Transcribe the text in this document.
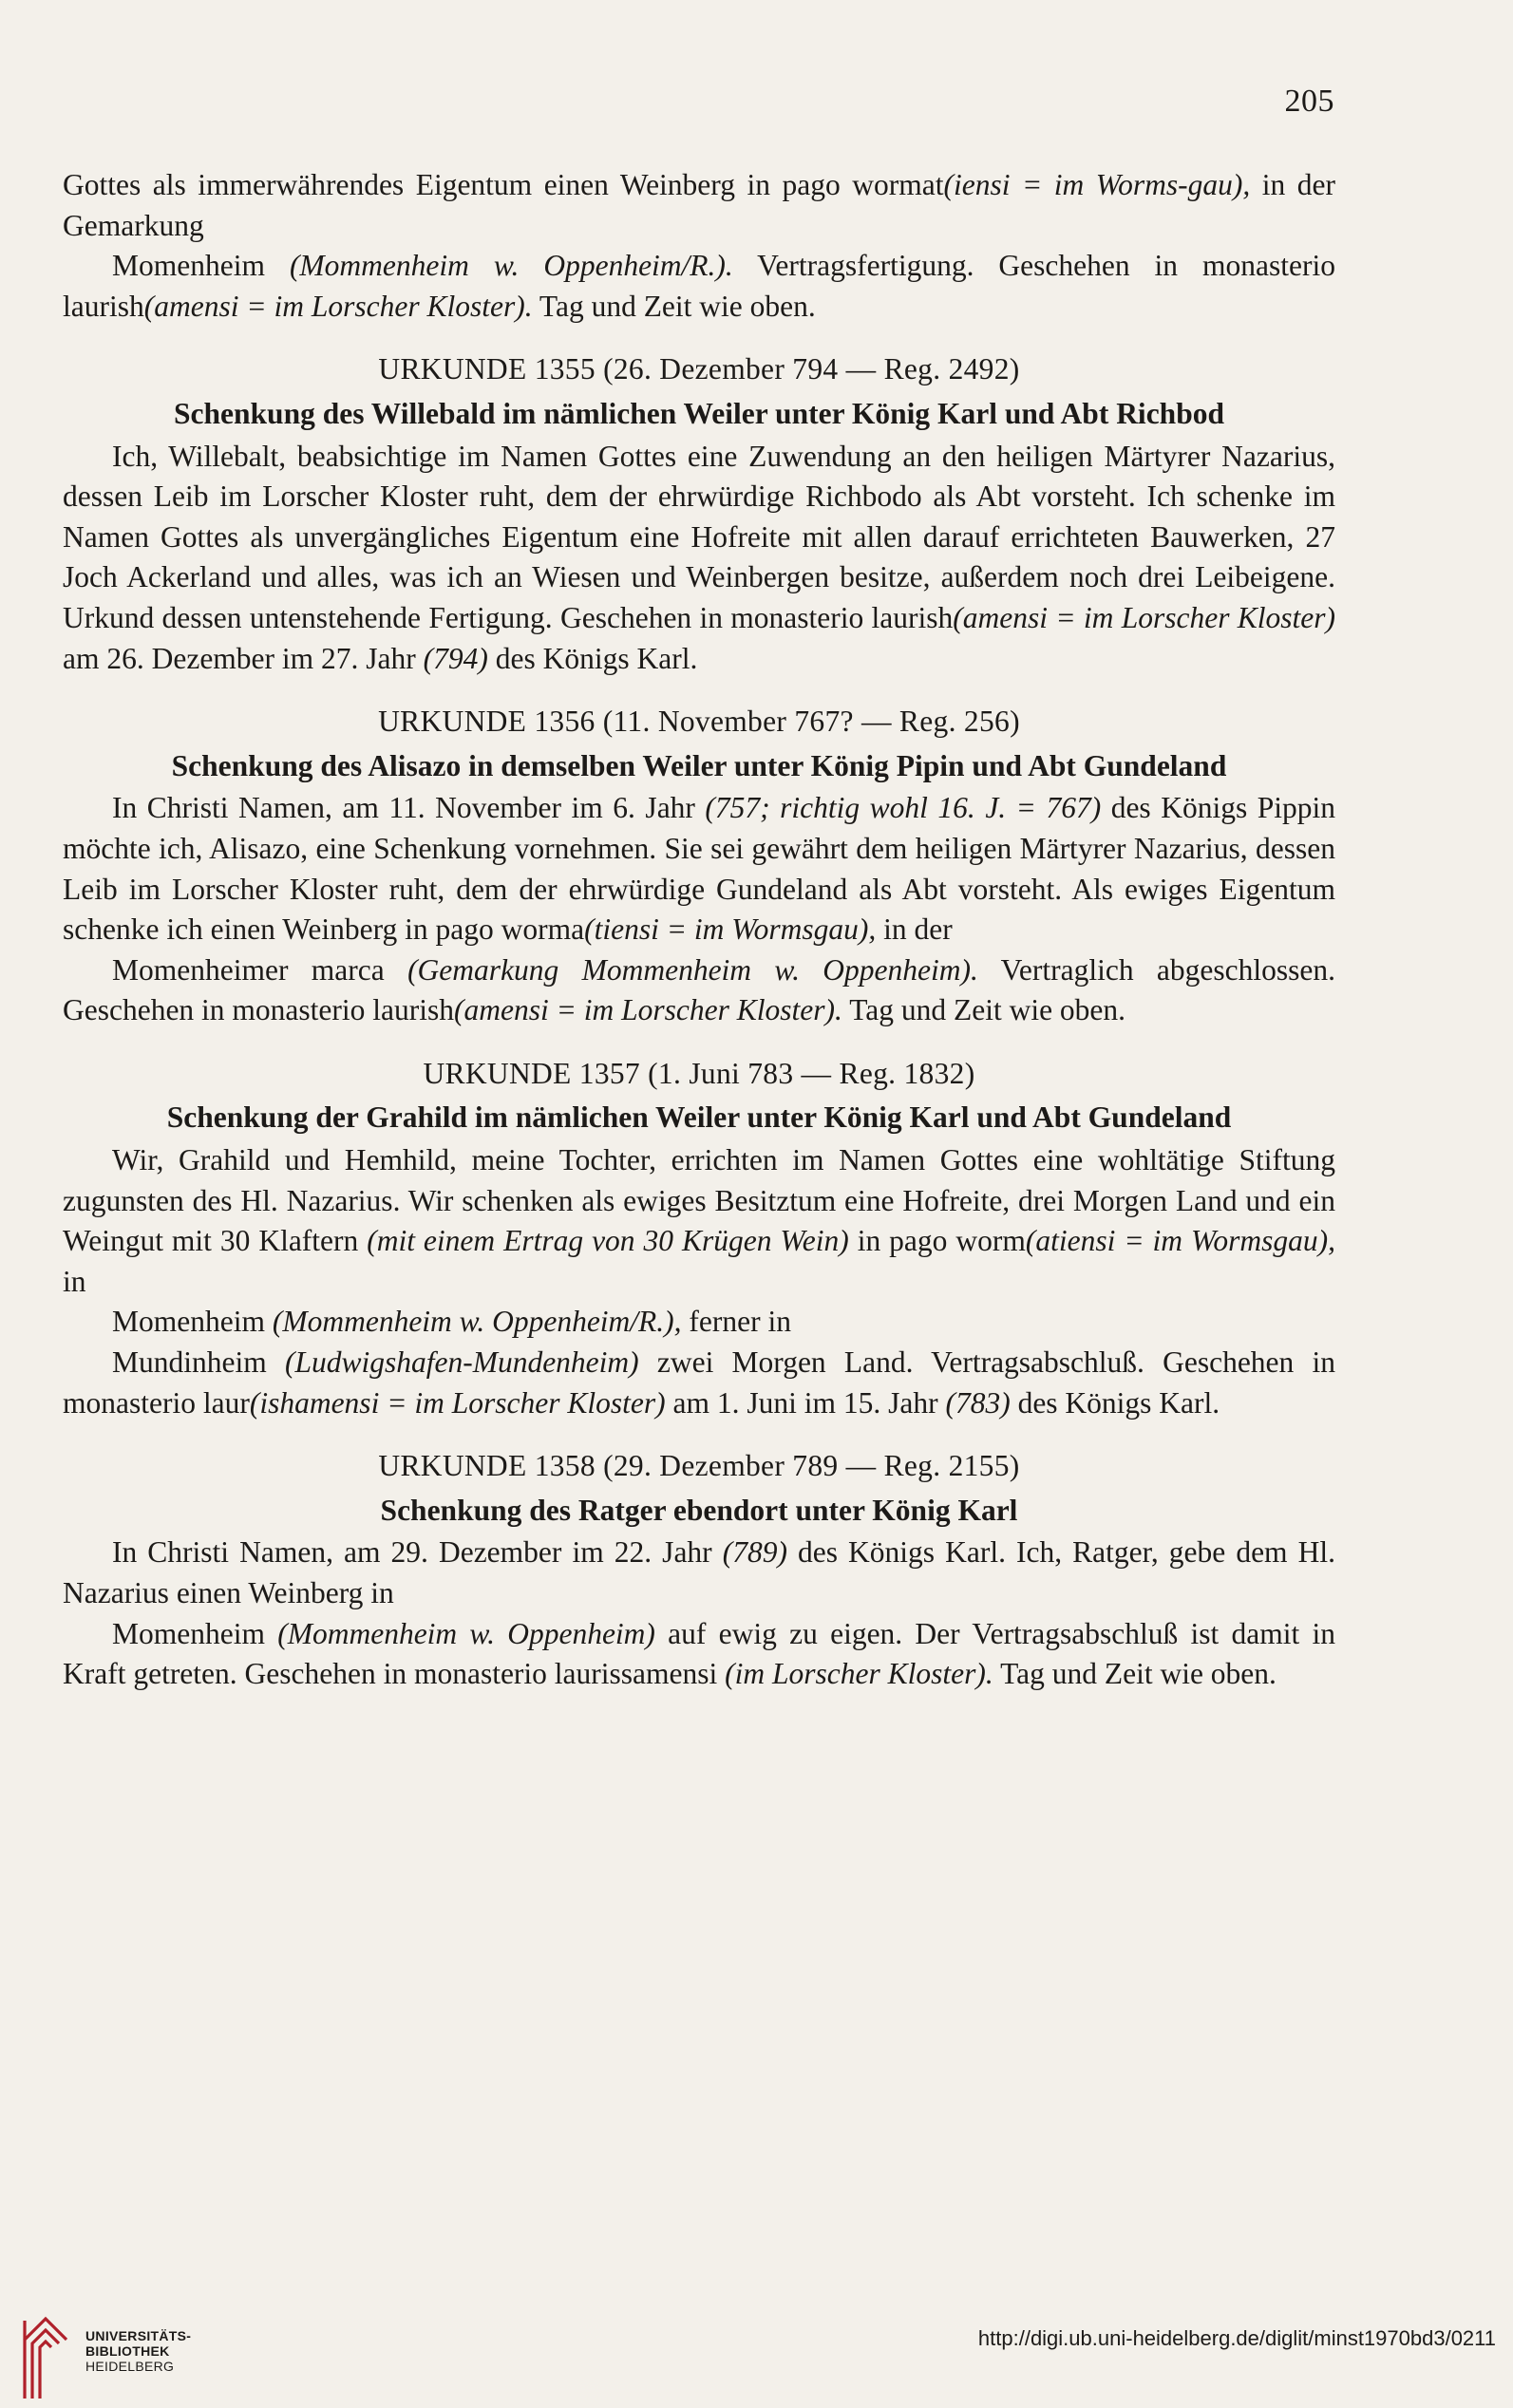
205

Gottes als immerwährendes Eigentum einen Weinberg in pago wormat(iensi = im Worms-gau), in der Gemarkung

Momenheim (Mommenheim w. Oppenheim/R.). Vertragsfertigung. Geschehen in monasterio laurish(amensi = im Lorscher Kloster). Tag und Zeit wie oben.

URKUNDE 1355 (26. Dezember 794 — Reg. 2492)

Schenkung des Willebald im nämlichen Weiler unter König Karl und Abt Richbod

Ich, Willebalt, beabsichtige im Namen Gottes eine Zuwendung an den heiligen Märtyrer Nazarius, dessen Leib im Lorscher Kloster ruht, dem der ehrwürdige Richbodo als Abt vorsteht. Ich schenke im Namen Gottes als unvergängliches Eigentum eine Hofreite mit allen darauf errichteten Bauwerken, 27 Joch Ackerland und alles, was ich an Wiesen und Weinbergen besitze, außerdem noch drei Leibeigene. Urkund dessen untenstehende Fertigung. Geschehen in monasterio laurish(amensi = im Lorscher Kloster) am 26. Dezember im 27. Jahr (794) des Königs Karl.

URKUNDE 1356 (11. November 767? — Reg. 256)

Schenkung des Alisazo in demselben Weiler unter König Pipin und Abt Gundeland

In Christi Namen, am 11. November im 6. Jahr (757; richtig wohl 16. J. = 767) des Königs Pippin möchte ich, Alisazo, eine Schenkung vornehmen. Sie sei gewährt dem heiligen Märtyrer Nazarius, dessen Leib im Lorscher Kloster ruht, dem der ehrwürdige Gundeland als Abt vorsteht. Als ewiges Eigentum schenke ich einen Weinberg in pago worma(tiensi = im Wormsgau), in der

Momenheimer marca (Gemarkung Mommenheim w. Oppenheim). Vertraglich abgeschlossen. Geschehen in monasterio laurish(amensi = im Lorscher Kloster). Tag und Zeit wie oben.

URKUNDE 1357 (1. Juni 783 — Reg. 1832)

Schenkung der Grahild im nämlichen Weiler unter König Karl und Abt Gundeland

Wir, Grahild und Hemhild, meine Tochter, errichten im Namen Gottes eine wohltätige Stiftung zugunsten des Hl. Nazarius. Wir schenken als ewiges Besitztum eine Hofreite, drei Morgen Land und ein Weingut mit 30 Klaftern (mit einem Ertrag von 30 Krügen Wein) in pago worm(atiensi = im Wormsgau), in

Momenheim (Mommenheim w. Oppenheim/R.), ferner in

Mundinheim (Ludwigshafen-Mundenheim) zwei Morgen Land. Vertragsabschluß. Geschehen in monasterio laur(ishamensi = im Lorscher Kloster) am 1. Juni im 15. Jahr (783) des Königs Karl.

URKUNDE 1358 (29. Dezember 789 — Reg. 2155)

Schenkung des Ratger ebendort unter König Karl

In Christi Namen, am 29. Dezember im 22. Jahr (789) des Königs Karl. Ich, Ratger, gebe dem Hl. Nazarius einen Weinberg in

Momenheim (Mommenheim w. Oppenheim) auf ewig zu eigen. Der Vertragsabschluß ist damit in Kraft getreten. Geschehen in monasterio laurissamensi (im Lorscher Kloster). Tag und Zeit wie oben.

UNIVERSITÄTS-
BIBLIOTHEK
HEIDELBERG
http://digi.ub.uni-heidelberg.de/diglit/minst1970bd3/0211
